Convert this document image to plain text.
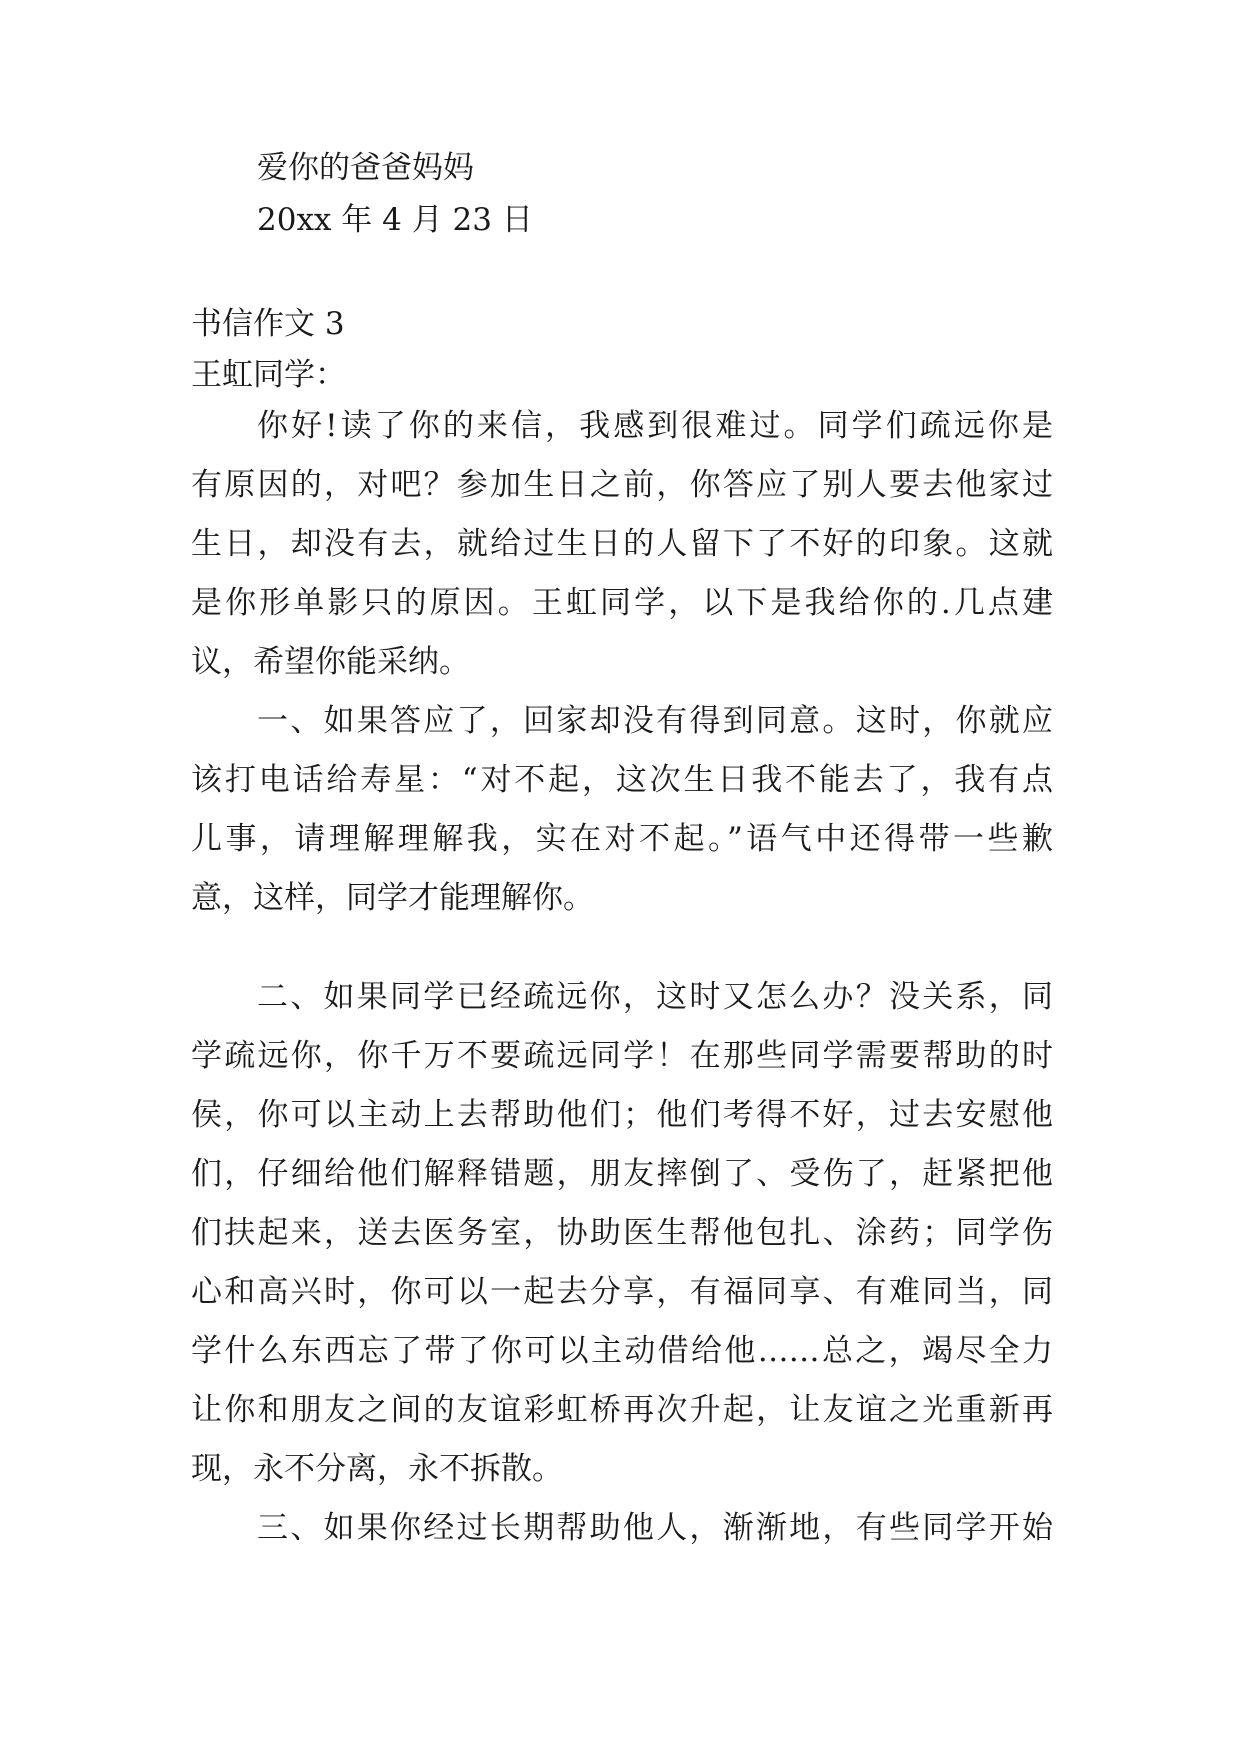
爱你的爸爸妈妈
20xx 年 4 月 23 日
书信作文 3
王虹同学：
你好!读了你的来信，我感到很难过。同学们疏远你是
有原因的，对吧？参加生日之前，你答应了别人要去他家过
生日，却没有去，就给过生日的人留下了不好的印象。这就
是你形单影只的原因。王虹同学，以下是我给你的.几点建
议，希望你能采纳。
一、如果答应了，回家却没有得到同意。这时，你就应
该打电话给寿星：“对不起，这次生日我不能去了，我有点
儿事，请理解理解我，实在对不起。”语气中还得带一些歉
意，这样，同学才能理解你。
二、如果同学已经疏远你，这时又怎么办？没关系，同
学疏远你，你千万不要疏远同学！在那些同学需要帮助的时
侯，你可以主动上去帮助他们；他们考得不好，过去安慰他
们，仔细给他们解释错题，朋友摔倒了、受伤了，赶紧把他
们扶起来，送去医务室，协助医生帮他包扎、涂药；同学伤
心和高兴时，你可以一起去分享，有福同享、有难同当，同
学什么东西忘了带了你可以主动借给他……总之，竭尽全力
让你和朋友之间的友谊彩虹桥再次升起，让友谊之光重新再
现，永不分离，永不拆散。
三、如果你经过长期帮助他人，渐渐地，有些同学开始
